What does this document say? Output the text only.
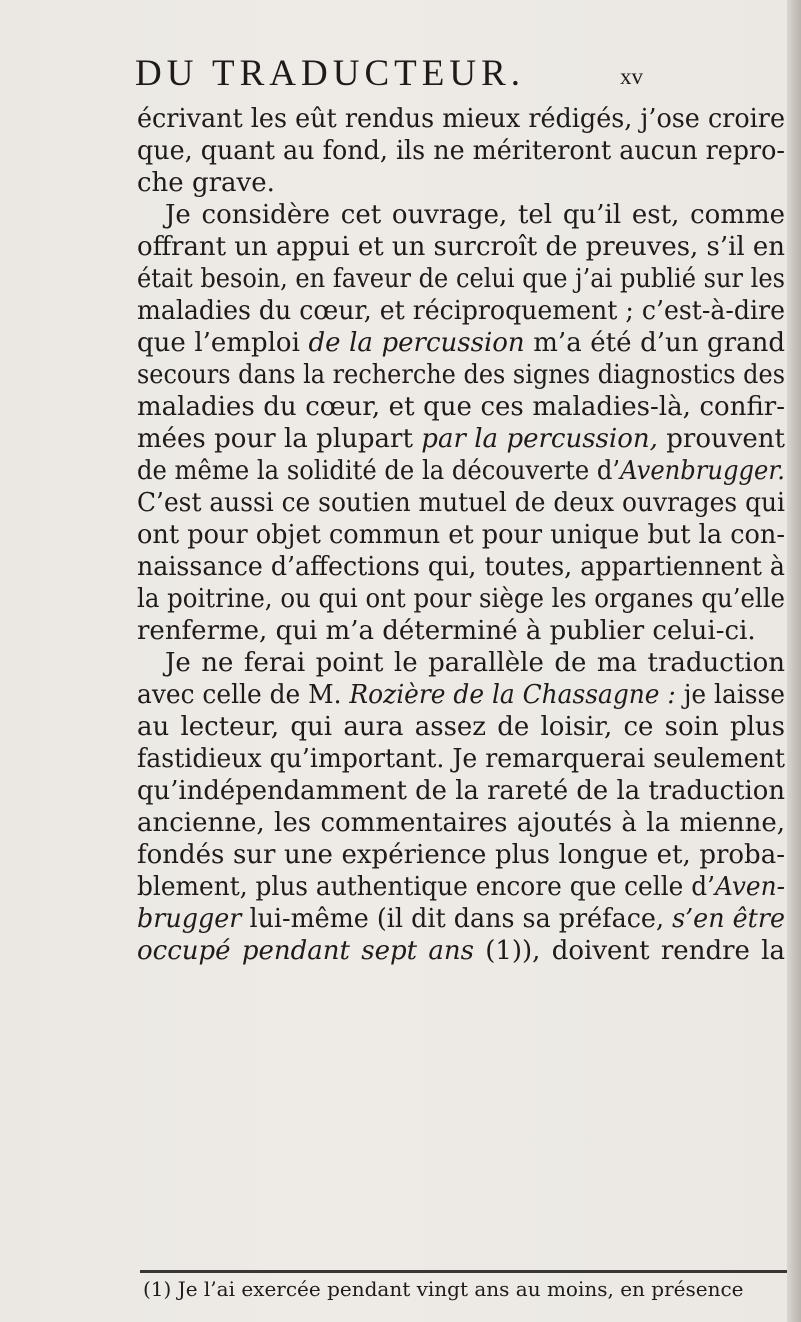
DU TRADUCTEUR.	xv
écrivant les eût rendus mieux rédigés, j’ose croire
que, quant au fond, ils ne mériteront aucun repro-
che grave.
Je considère cet ouvrage, tel qu’il est, comme
offrant un appui et un surcroît de preuves, s’il en
était besoin, en faveur de celui que j’ai publié sur les
maladies du cœur, et réciproquement ; c’est-à-dire
que l’emploi de la percussion m’a été d’un grand
secours dans la recherche des signes diagnostics des
maladies du cœur, et que ces maladies-là, confir-
mées pour la plupart par la percussion, prouvent
de même la solidité de la découverte d’Avenbrugger.
C’est aussi ce soutien mutuel de deux ouvrages qui
ont pour objet commun et pour unique but la con-
naissance d’affections qui, toutes, appartiennent à
la poitrine, ou qui ont pour siège les organes qu’elle
renferme, qui m’a déterminé à publier celui-ci.
Je ne ferai point le parallèle de ma traduction
avec celle de M. Rozière de la Chassagne : je laisse
au lecteur, qui aura assez de loisir, ce soin plus
fastidieux qu’important. Je remarquerai seulement
qu’indépendamment de la rareté de la traduction
ancienne, les commentaires ajoutés à la mienne,
fondés sur une expérience plus longue et, proba-
blement, plus authentique encore que celle d’Aven-
brugger lui-même (il dit dans sa préface, s’en être
occupé pendant sept ans (1)), doivent rendre la
(1) Je l’ai exercée pendant vingt ans au moins, en présence
